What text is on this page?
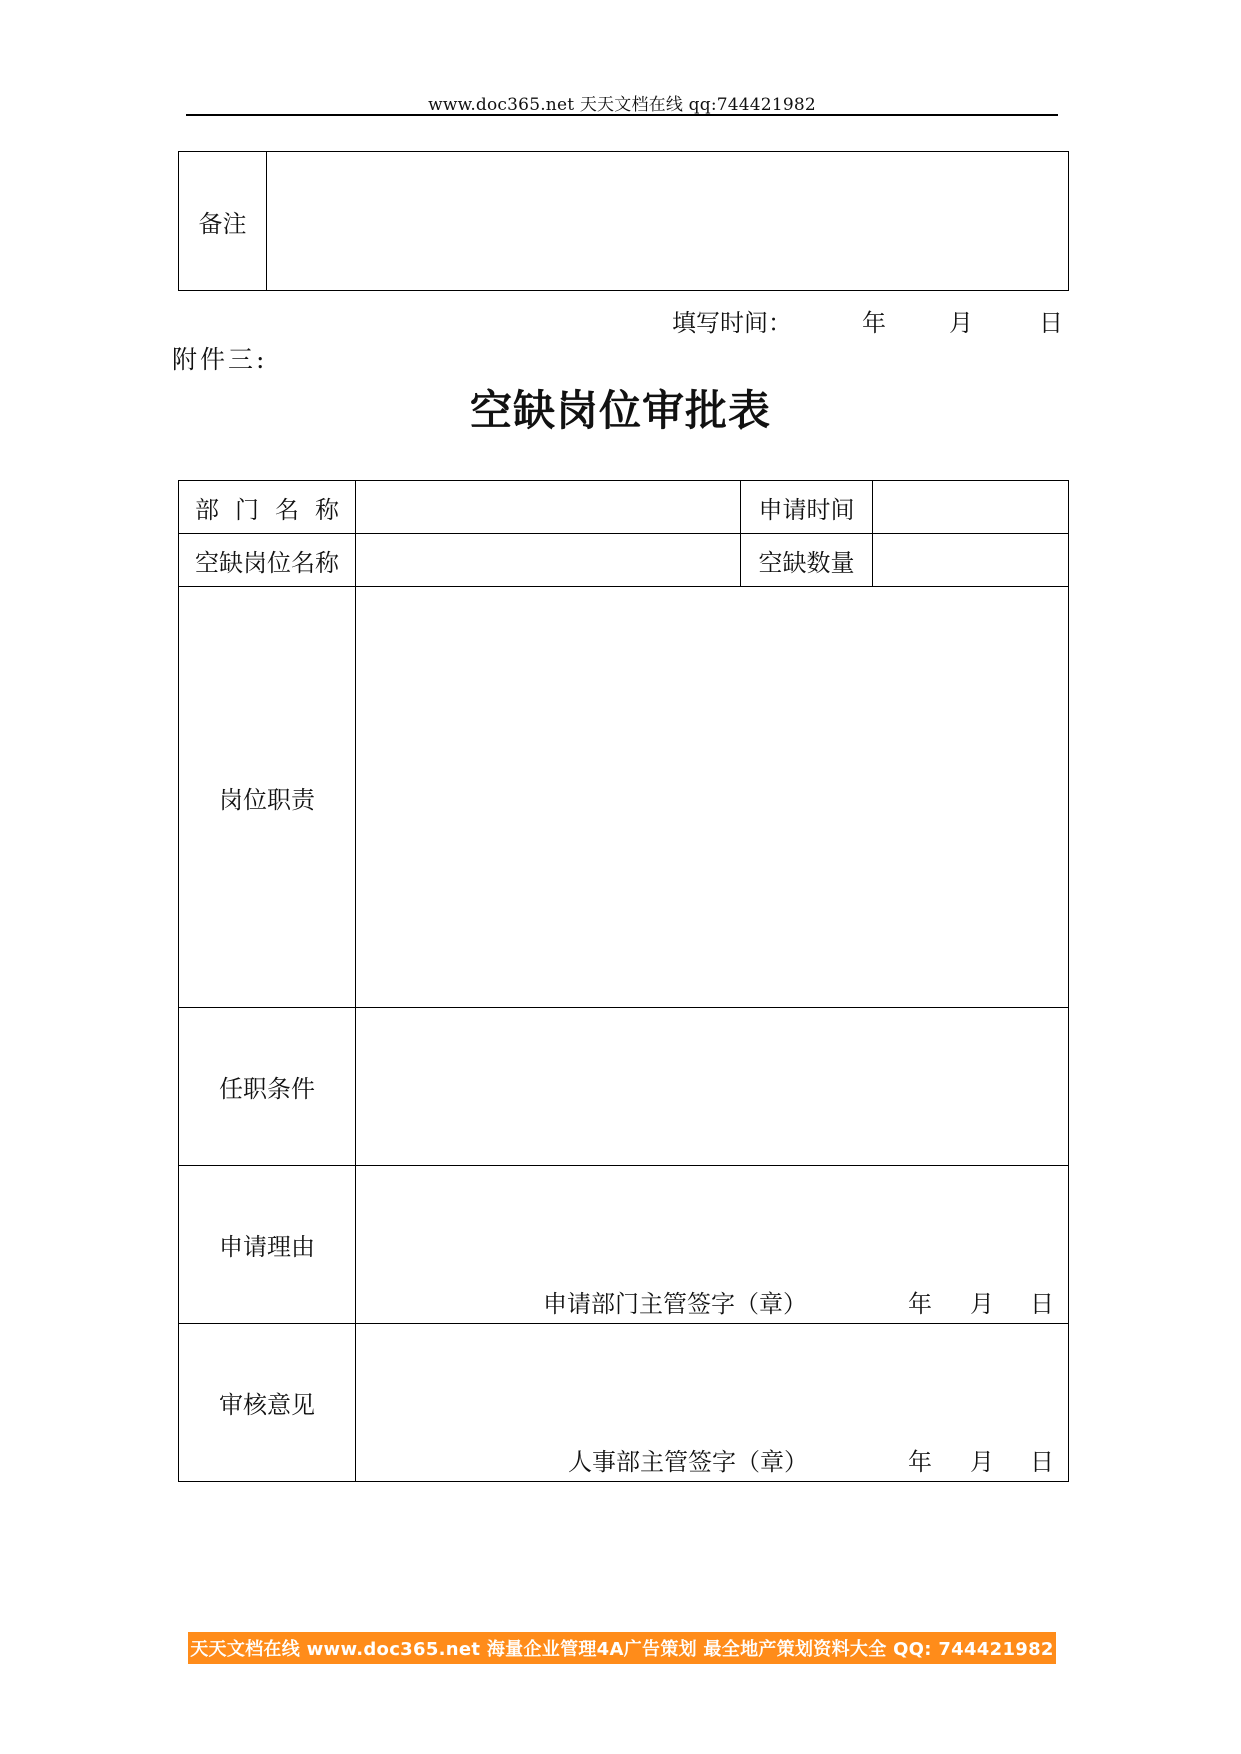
www.doc365.net 天天文档在线 qq:744421982
备注	
填写时间：	年	月	日
附件三:
空缺岗位审批表
部门名称		申请时间	
空缺岗位名称		空缺数量	
岗位职责			
任职条件			
申请理由	申请部门主管签字（章） 年 月 日		

审核意见	人事部主管签字（章） 年 月 日		
天天文档在线 www.doc365.net 海量企业管理4A广告策划 最全地产策划资料大全 QQ: 744421982
